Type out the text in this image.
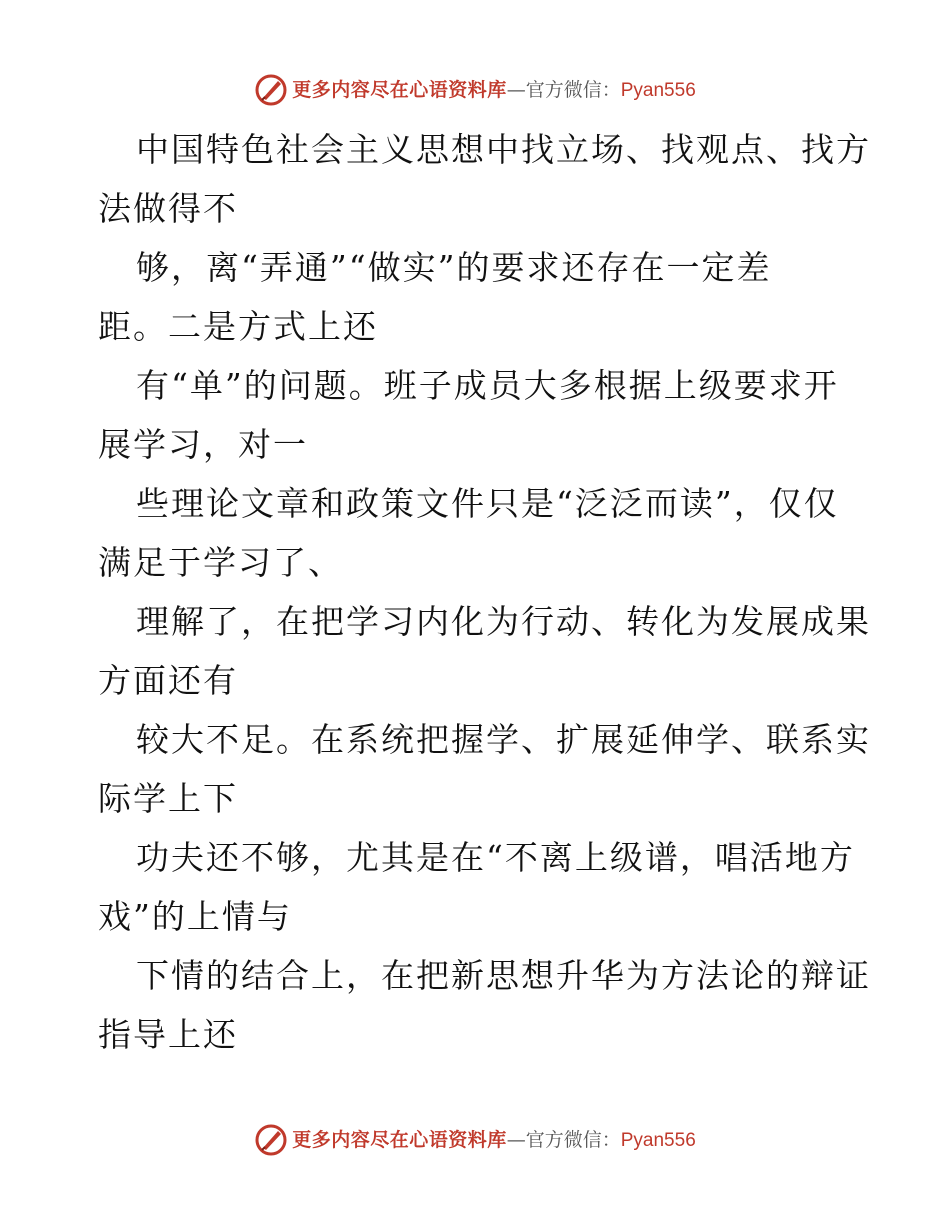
更多内容尽在心语资料库 — 官方微信： Pyan556
中国特色社会主义思想中找立场、找观点、找方
法做得不
够，离“弄通”“做实”的要求还存在一定差
距。二是方式上还
有“单”的问题。班子成员大多根据上级要求开
展学习，对一
些理论文章和政策文件只是“泛泛而读”，仅仅
满足于学习了、
理解了，在把学习内化为行动、转化为发展成果
方面还有
较大不足。在系统把握学、扩展延伸学、联系实
际学上下
功夫还不够，尤其是在“不离上级谱，唱活地方
戏”的上情与
下情的结合上，在把新思想升华为方法论的辩证
指导上还
更多内容尽在心语资料库 — 官方微信： Pyan556
